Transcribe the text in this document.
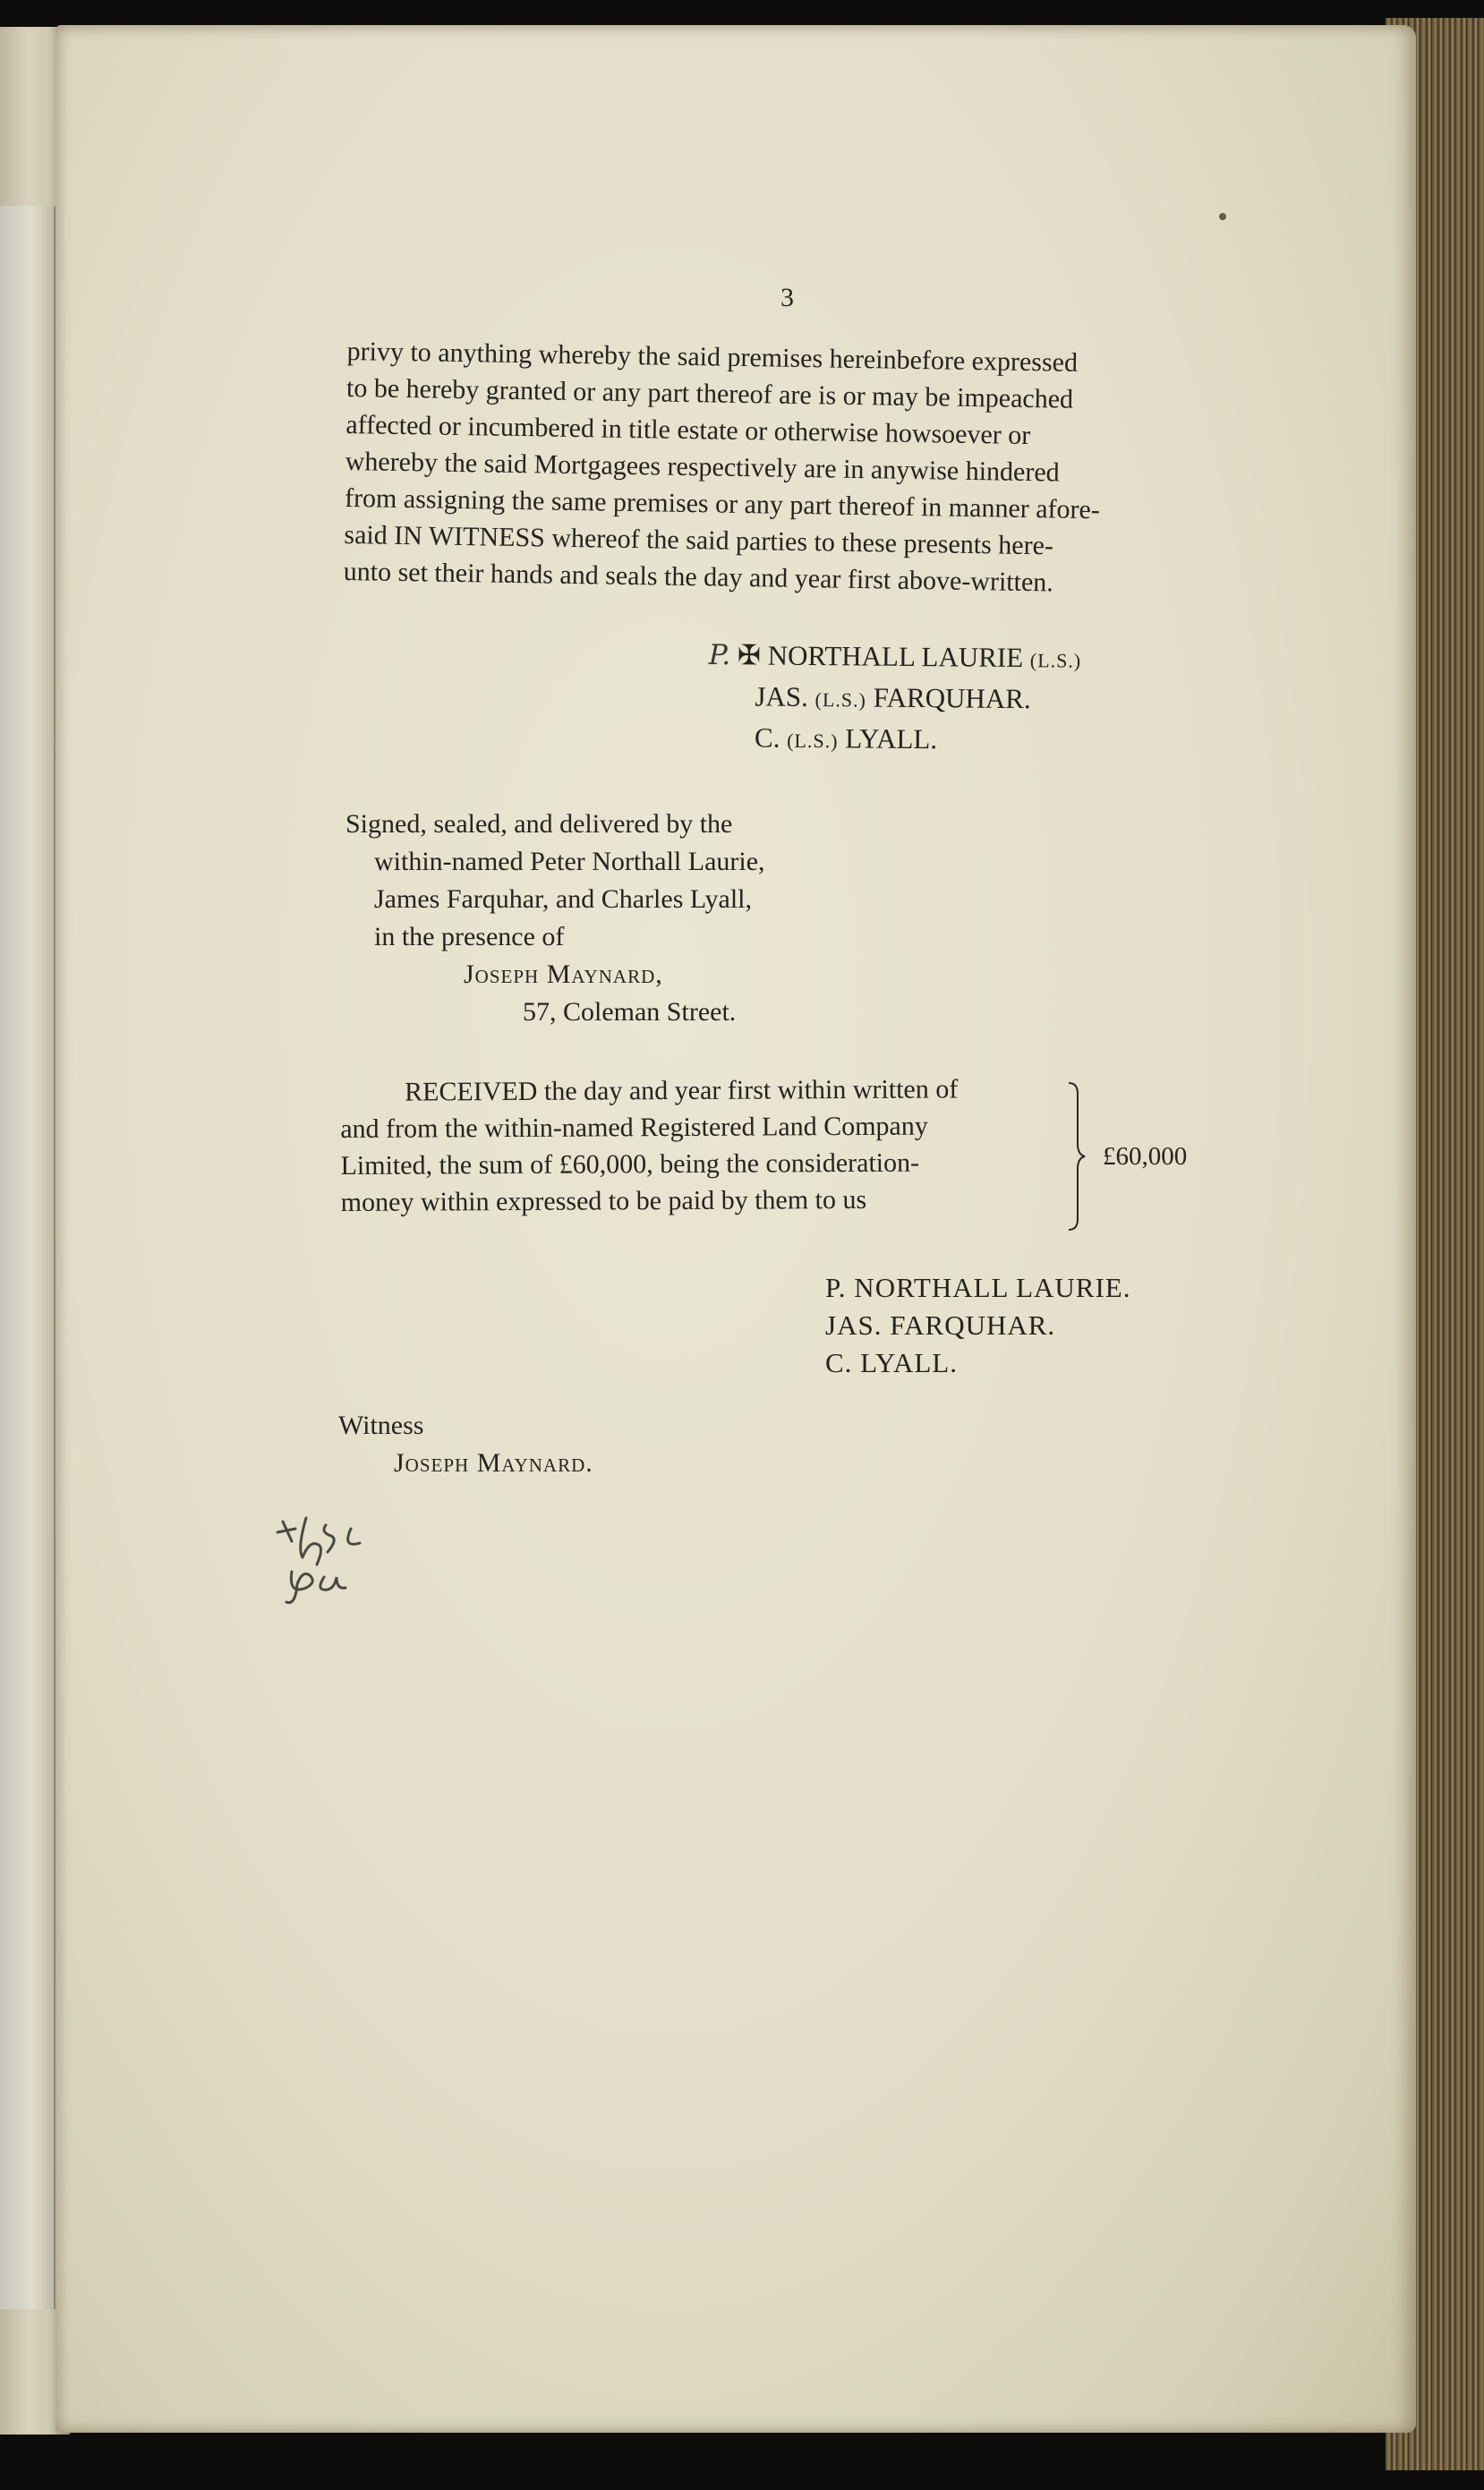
3
privy to anything whereby the said premises hereinbefore expressed
to be hereby granted or any part thereof are is or may be impeached
affected or incumbered in title estate or otherwise howsoever or
whereby the said Mortgagees respectively are in anywise hindered
from assigning the same premises or any part thereof in manner afore-
said IN WITNESS whereof the said parties to these presents here-
unto set their hands and seals the day and year first above-written.
P. ✠ NORTHALL LAURIE (L.S.)
JAS. (L.S.) FARQUHAR.
C. (L.S.) LYALL.
Signed, sealed, and delivered by the
within-named Peter Northall Laurie,
James Farquhar, and Charles Lyall,
in the presence of
Joseph Maynard,
57, Coleman Street.
RECEIVED the day and year first within written of
and from the within-named Registered Land Company
Limited, the sum of £60,000, being the consideration-
money within expressed to be paid by them to us
£60,000
P. NORTHALL LAURIE.
JAS. FARQUHAR.
C. LYALL.
Witness
Joseph Maynard.
